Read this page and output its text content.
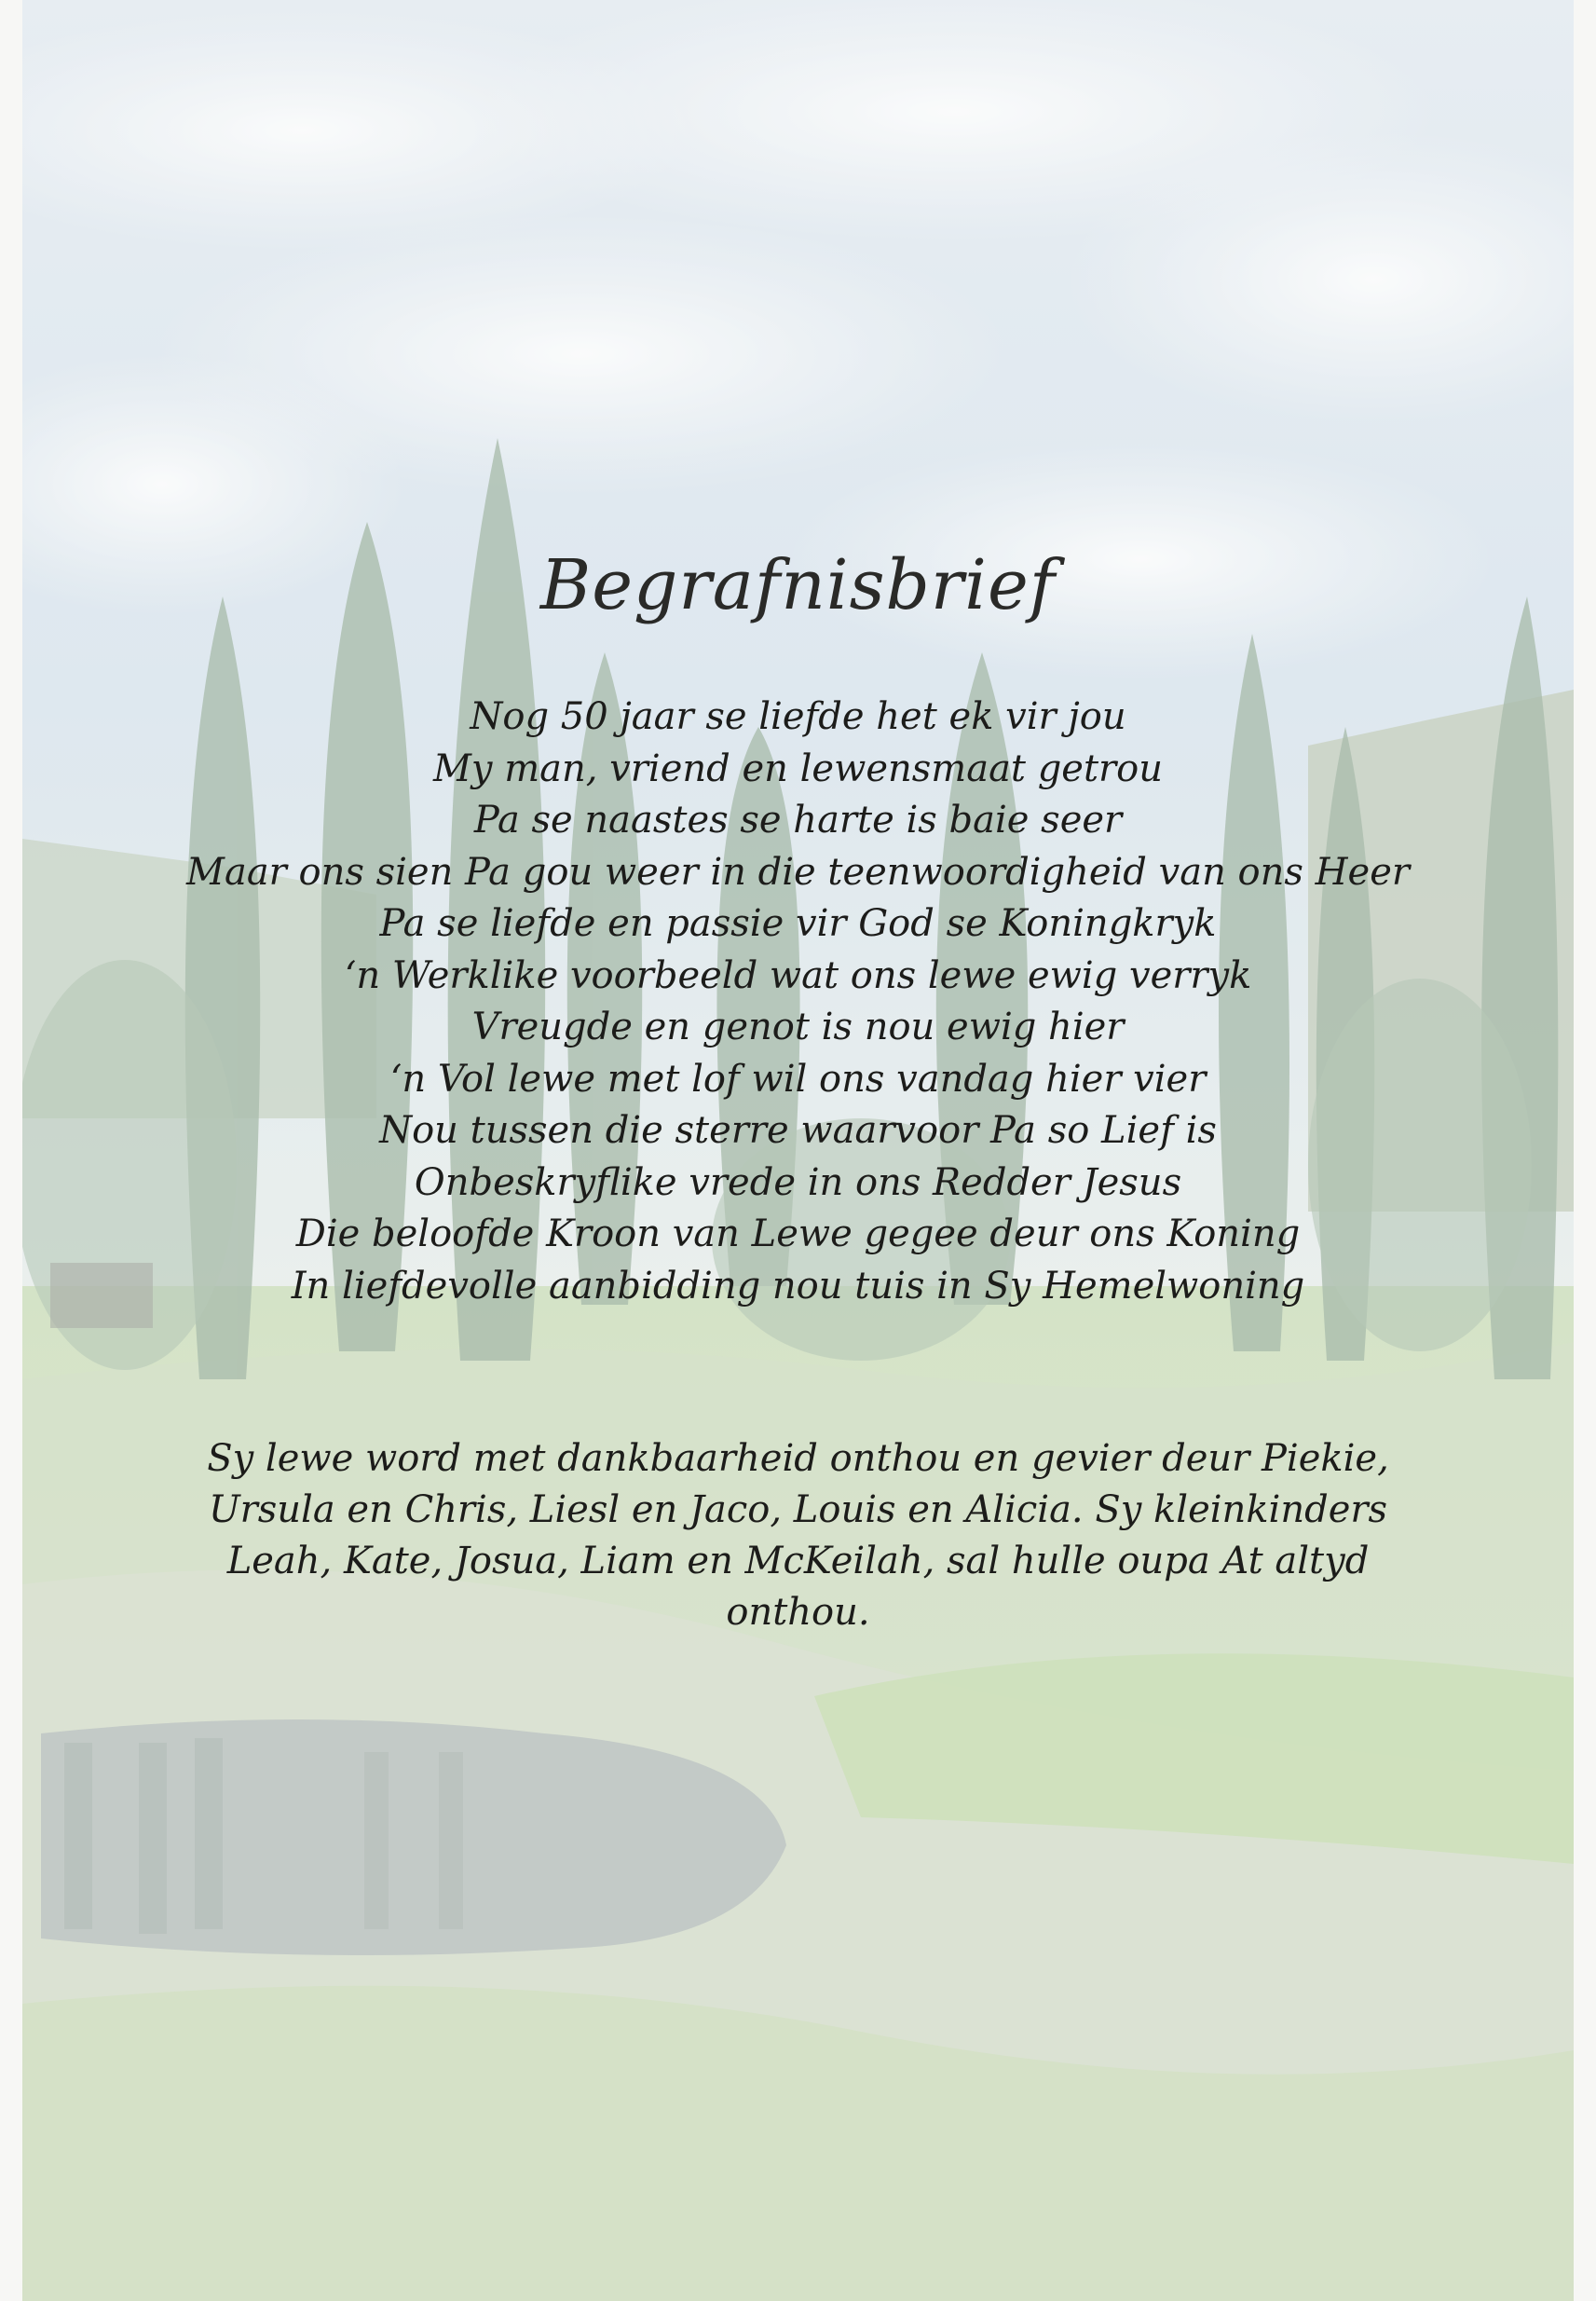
Begrafnisbrief
Nog 50 jaar se liefde het ek vir jou
My man, vriend en lewensmaat getrou
Pa se naastes se harte is baie seer
Maar ons sien Pa gou weer in die teenwoordigheid van ons Heer
Pa se liefde en passie vir God se Koningkryk
‘n Werklike voorbeeld wat ons lewe ewig verryk
Vreugde en genot is nou ewig hier
‘n Vol lewe met lof wil ons vandag hier vier
Nou tussen die sterre waarvoor Pa so Lief is
Onbeskryflike vrede in ons Redder Jesus
Die beloofde Kroon van Lewe gegee deur ons Koning
In liefdevolle aanbidding nou tuis in Sy Hemelwoning
Sy lewe word met dankbaarheid onthou en gevier deur Piekie,
Ursula en Chris, Liesl en Jaco, Louis en Alicia. Sy kleinkinders
Leah, Kate, Josua, Liam en McKeilah, sal hulle oupa At altyd
onthou.
